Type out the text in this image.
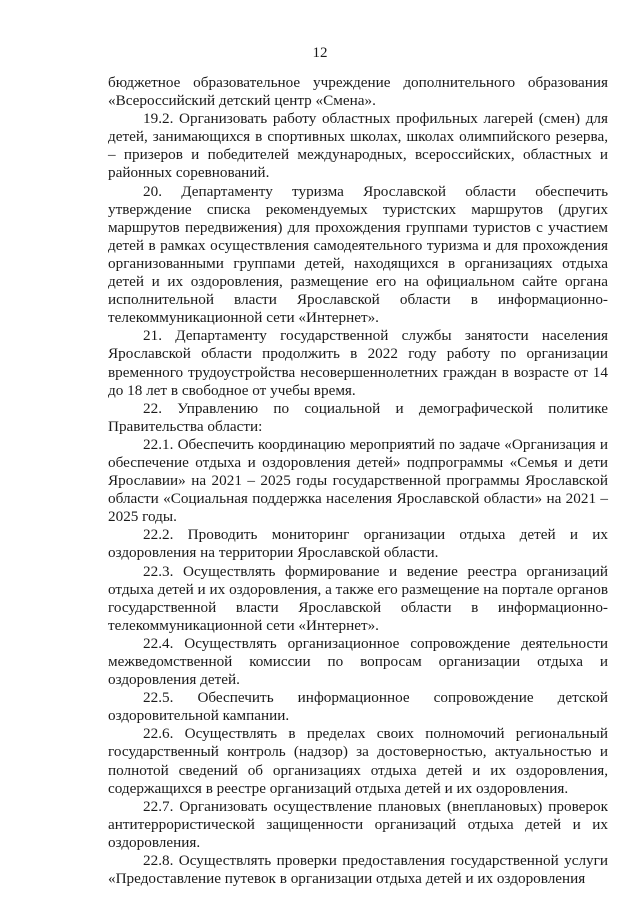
12

бюджетное образовательное учреждение дополнительного образования «Всероссийский детский центр «Смена».

19.2. Организовать работу областных профильных лагерей (смен) для детей, занимающихся в спортивных школах, школах олимпийского резерва, – призеров и победителей международных, всероссийских, областных и районных соревнований.

20. Департаменту туризма Ярославской области обеспечить утверждение списка рекомендуемых туристских маршрутов (других маршрутов передвижения) для прохождения группами туристов с участием детей в рамках осуществления самодеятельного туризма и для прохождения организованными группами детей, находящихся в организациях отдыха детей и их оздоровления, размещение его на официальном сайте органа исполнительной власти Ярославской области в информационно-телекоммуникационной сети «Интернет».

21. Департаменту государственной службы занятости населения Ярославской области продолжить в 2022 году работу по организации временного трудоустройства несовершеннолетних граждан в возрасте от 14 до 18 лет в свободное от учебы время.

22. Управлению по социальной и демографической политике Правительства области:

22.1. Обеспечить координацию мероприятий по задаче «Организация и обеспечение отдыха и оздоровления детей» подпрограммы «Семья и дети Ярославии» на 2021 – 2025 годы государственной программы Ярославской области «Социальная поддержка населения Ярославской области» на 2021 – 2025 годы.

22.2. Проводить мониторинг организации отдыха детей и их оздоровления на территории Ярославской области.

22.3. Осуществлять формирование и ведение реестра организаций отдыха детей и их оздоровления, а также его размещение на портале органов государственной власти Ярославской области в информационно-телекоммуникационной сети «Интернет».

22.4. Осуществлять организационное сопровождение деятельности межведомственной комиссии по вопросам организации отдыха и оздоровления детей.

22.5. Обеспечить информационное сопровождение детской оздоровительной кампании.

22.6. Осуществлять в пределах своих полномочий региональный государственный контроль (надзор) за достоверностью, актуальностью и полнотой сведений об организациях отдыха детей и их оздоровления, содержащихся в реестре организаций отдыха детей и их оздоровления.

22.7. Организовать осуществление плановых (внеплановых) проверок антитеррористической защищенности организаций отдыха детей и их оздоровления.

22.8. Осуществлять проверки предоставления государственной услуги «Предоставление путевок в организации отдыха детей и их оздоровления
